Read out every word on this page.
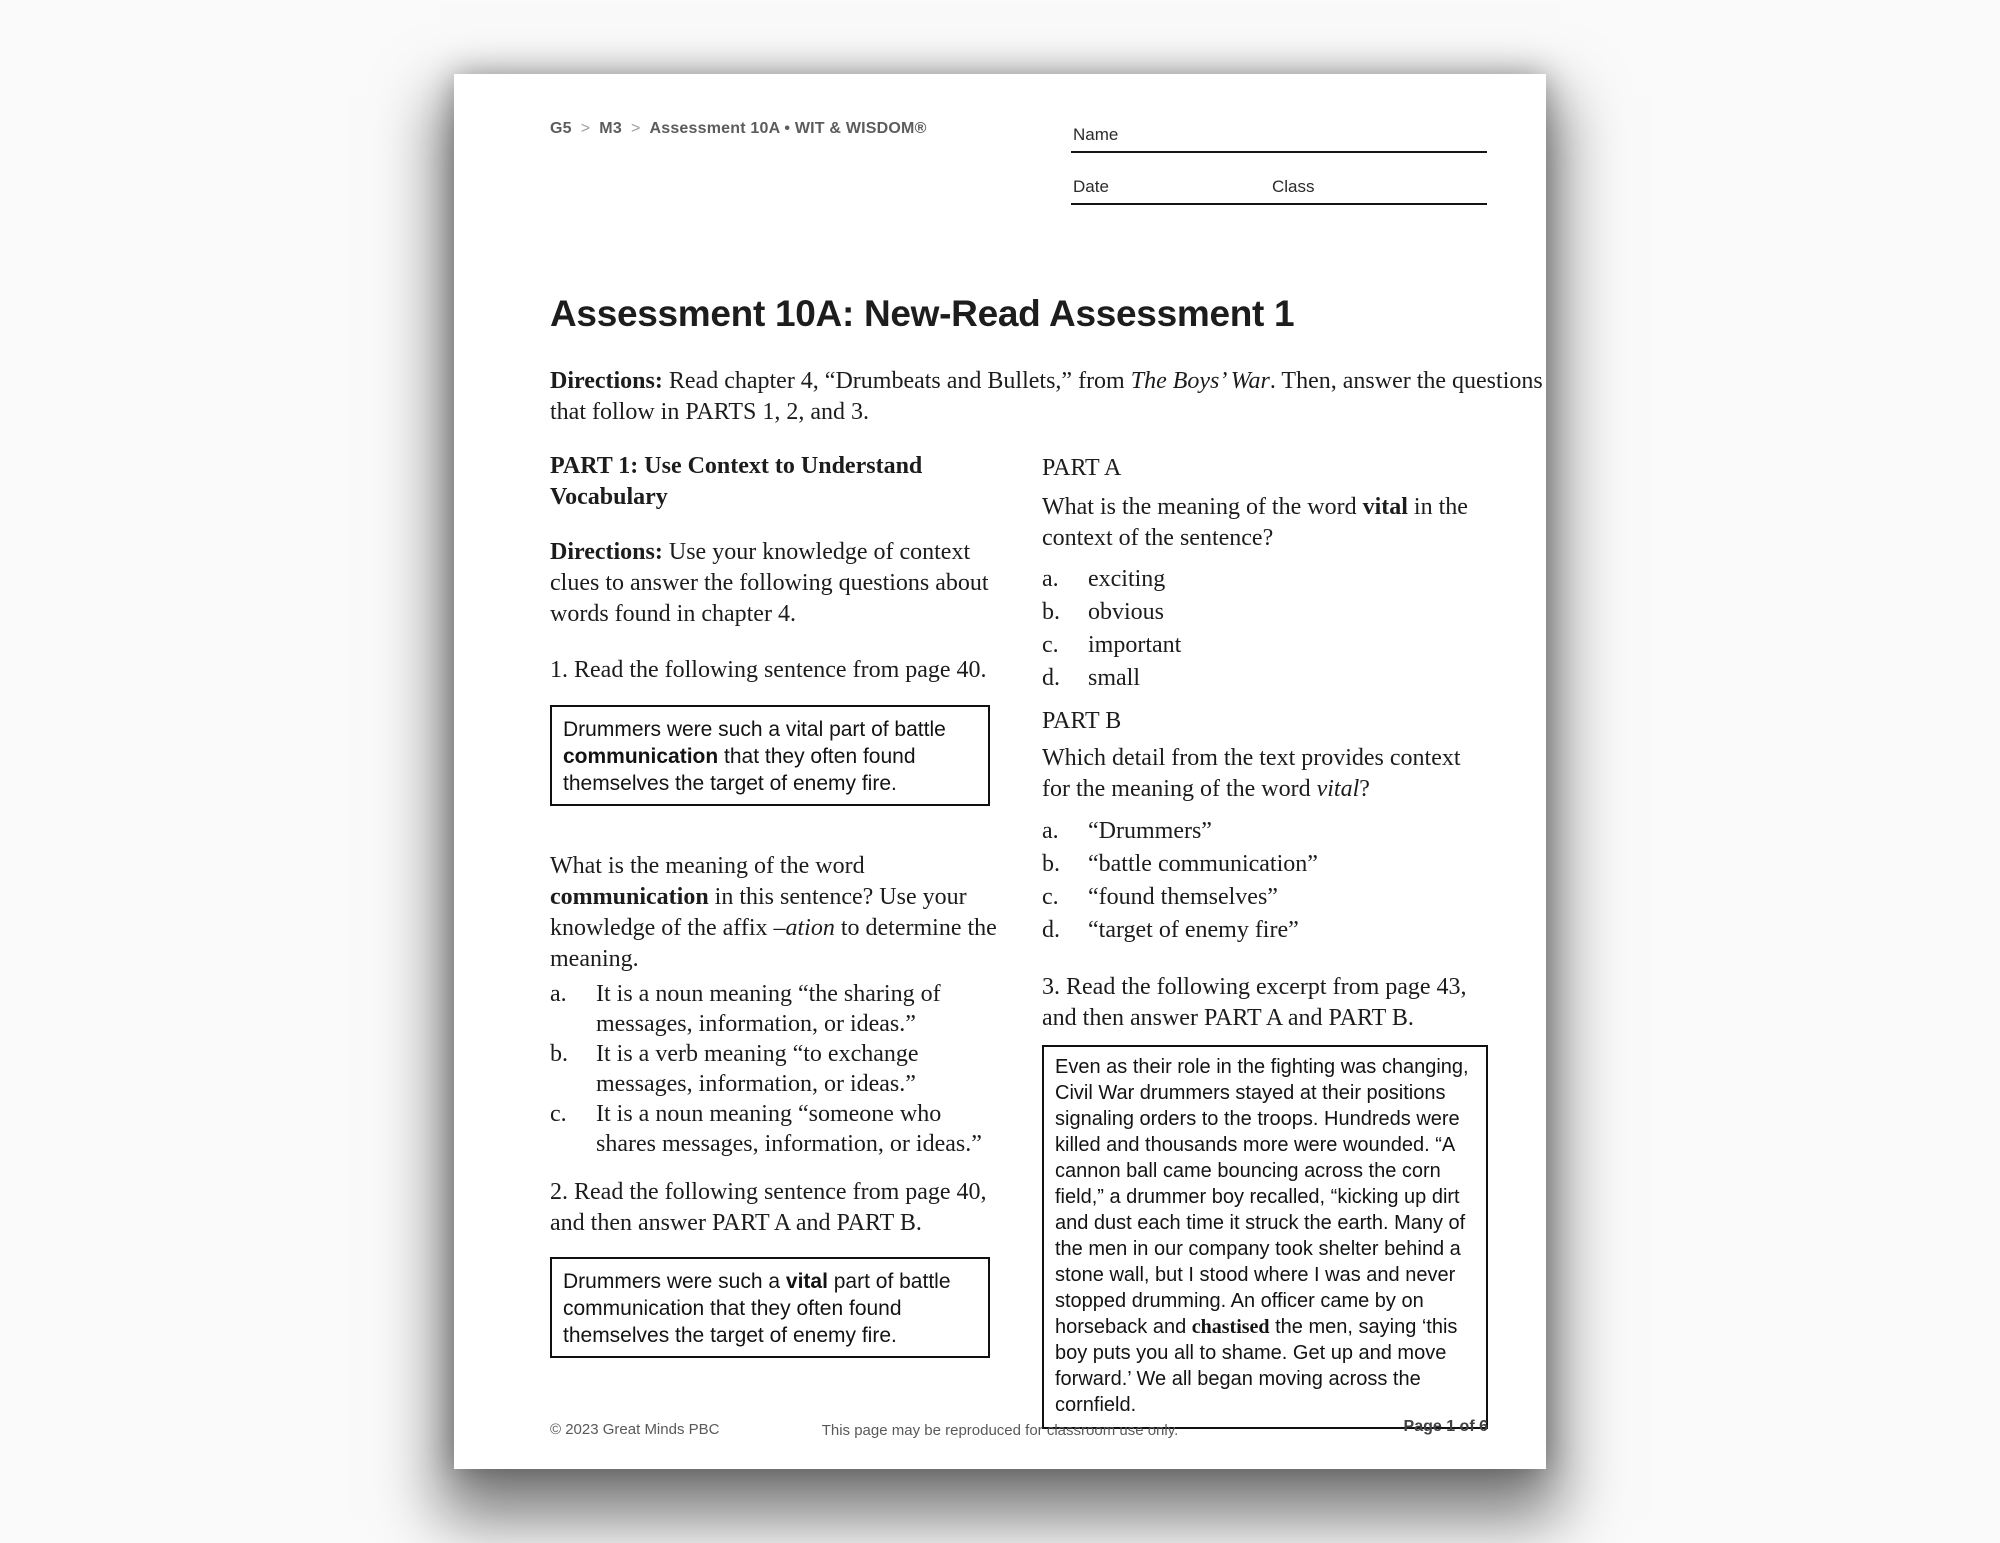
G5 > M3 > Assessment 10A • WIT & WISDOM®	Name
Date	Class
Assessment 10A: New-Read Assessment 1
Directions: Read chapter 4, “Drumbeats and Bullets,” from The Boys’ War. Then, answer the questions that follow in PARTS 1, 2, and 3.
PART 1: Use Context to Understand Vocabulary
Directions: Use your knowledge of context clues to answer the following questions about words found in chapter 4.
1. Read the following sentence from page 40.
Drummers were such a vital part of battle communication that they often found themselves the target of enemy fire.
What is the meaning of the word communication in this sentence? Use your knowledge of the affix –ation to determine the meaning.
a.	It is a noun meaning “the sharing of messages, information, or ideas.”
b.	It is a verb meaning “to exchange messages, information, or ideas.”
c.	It is a noun meaning “someone who shares messages, information, or ideas.”
2. Read the following sentence from page 40, and then answer PART A and PART B.
Drummers were such a vital part of battle communication that they often found themselves the target of enemy fire.
PART A
What is the meaning of the word vital in the context of the sentence?
a.	exciting
b.	obvious
c.	important
d.	small
PART B
Which detail from the text provides context for the meaning of the word vital?
a.	“Drummers”
b.	“battle communication”
c.	“found themselves”
d.	“target of enemy fire”
3. Read the following excerpt from page 43, and then answer PART A and PART B.
Even as their role in the fighting was changing, Civil War drummers stayed at their positions signaling orders to the troops. Hundreds were killed and thousands more were wounded. “A cannon ball came bouncing across the corn field,” a drummer boy recalled, “kicking up dirt and dust each time it struck the earth. Many of the men in our company took shelter behind a stone wall, but I stood where I was and never stopped drumming. An officer came by on horseback and chastised the men, saying ‘this boy puts you all to shame. Get up and move forward.’ We all began moving across the cornfield.
© 2023 Great Minds PBC	This page may be reproduced for classroom use only.	Page 1 of 6
